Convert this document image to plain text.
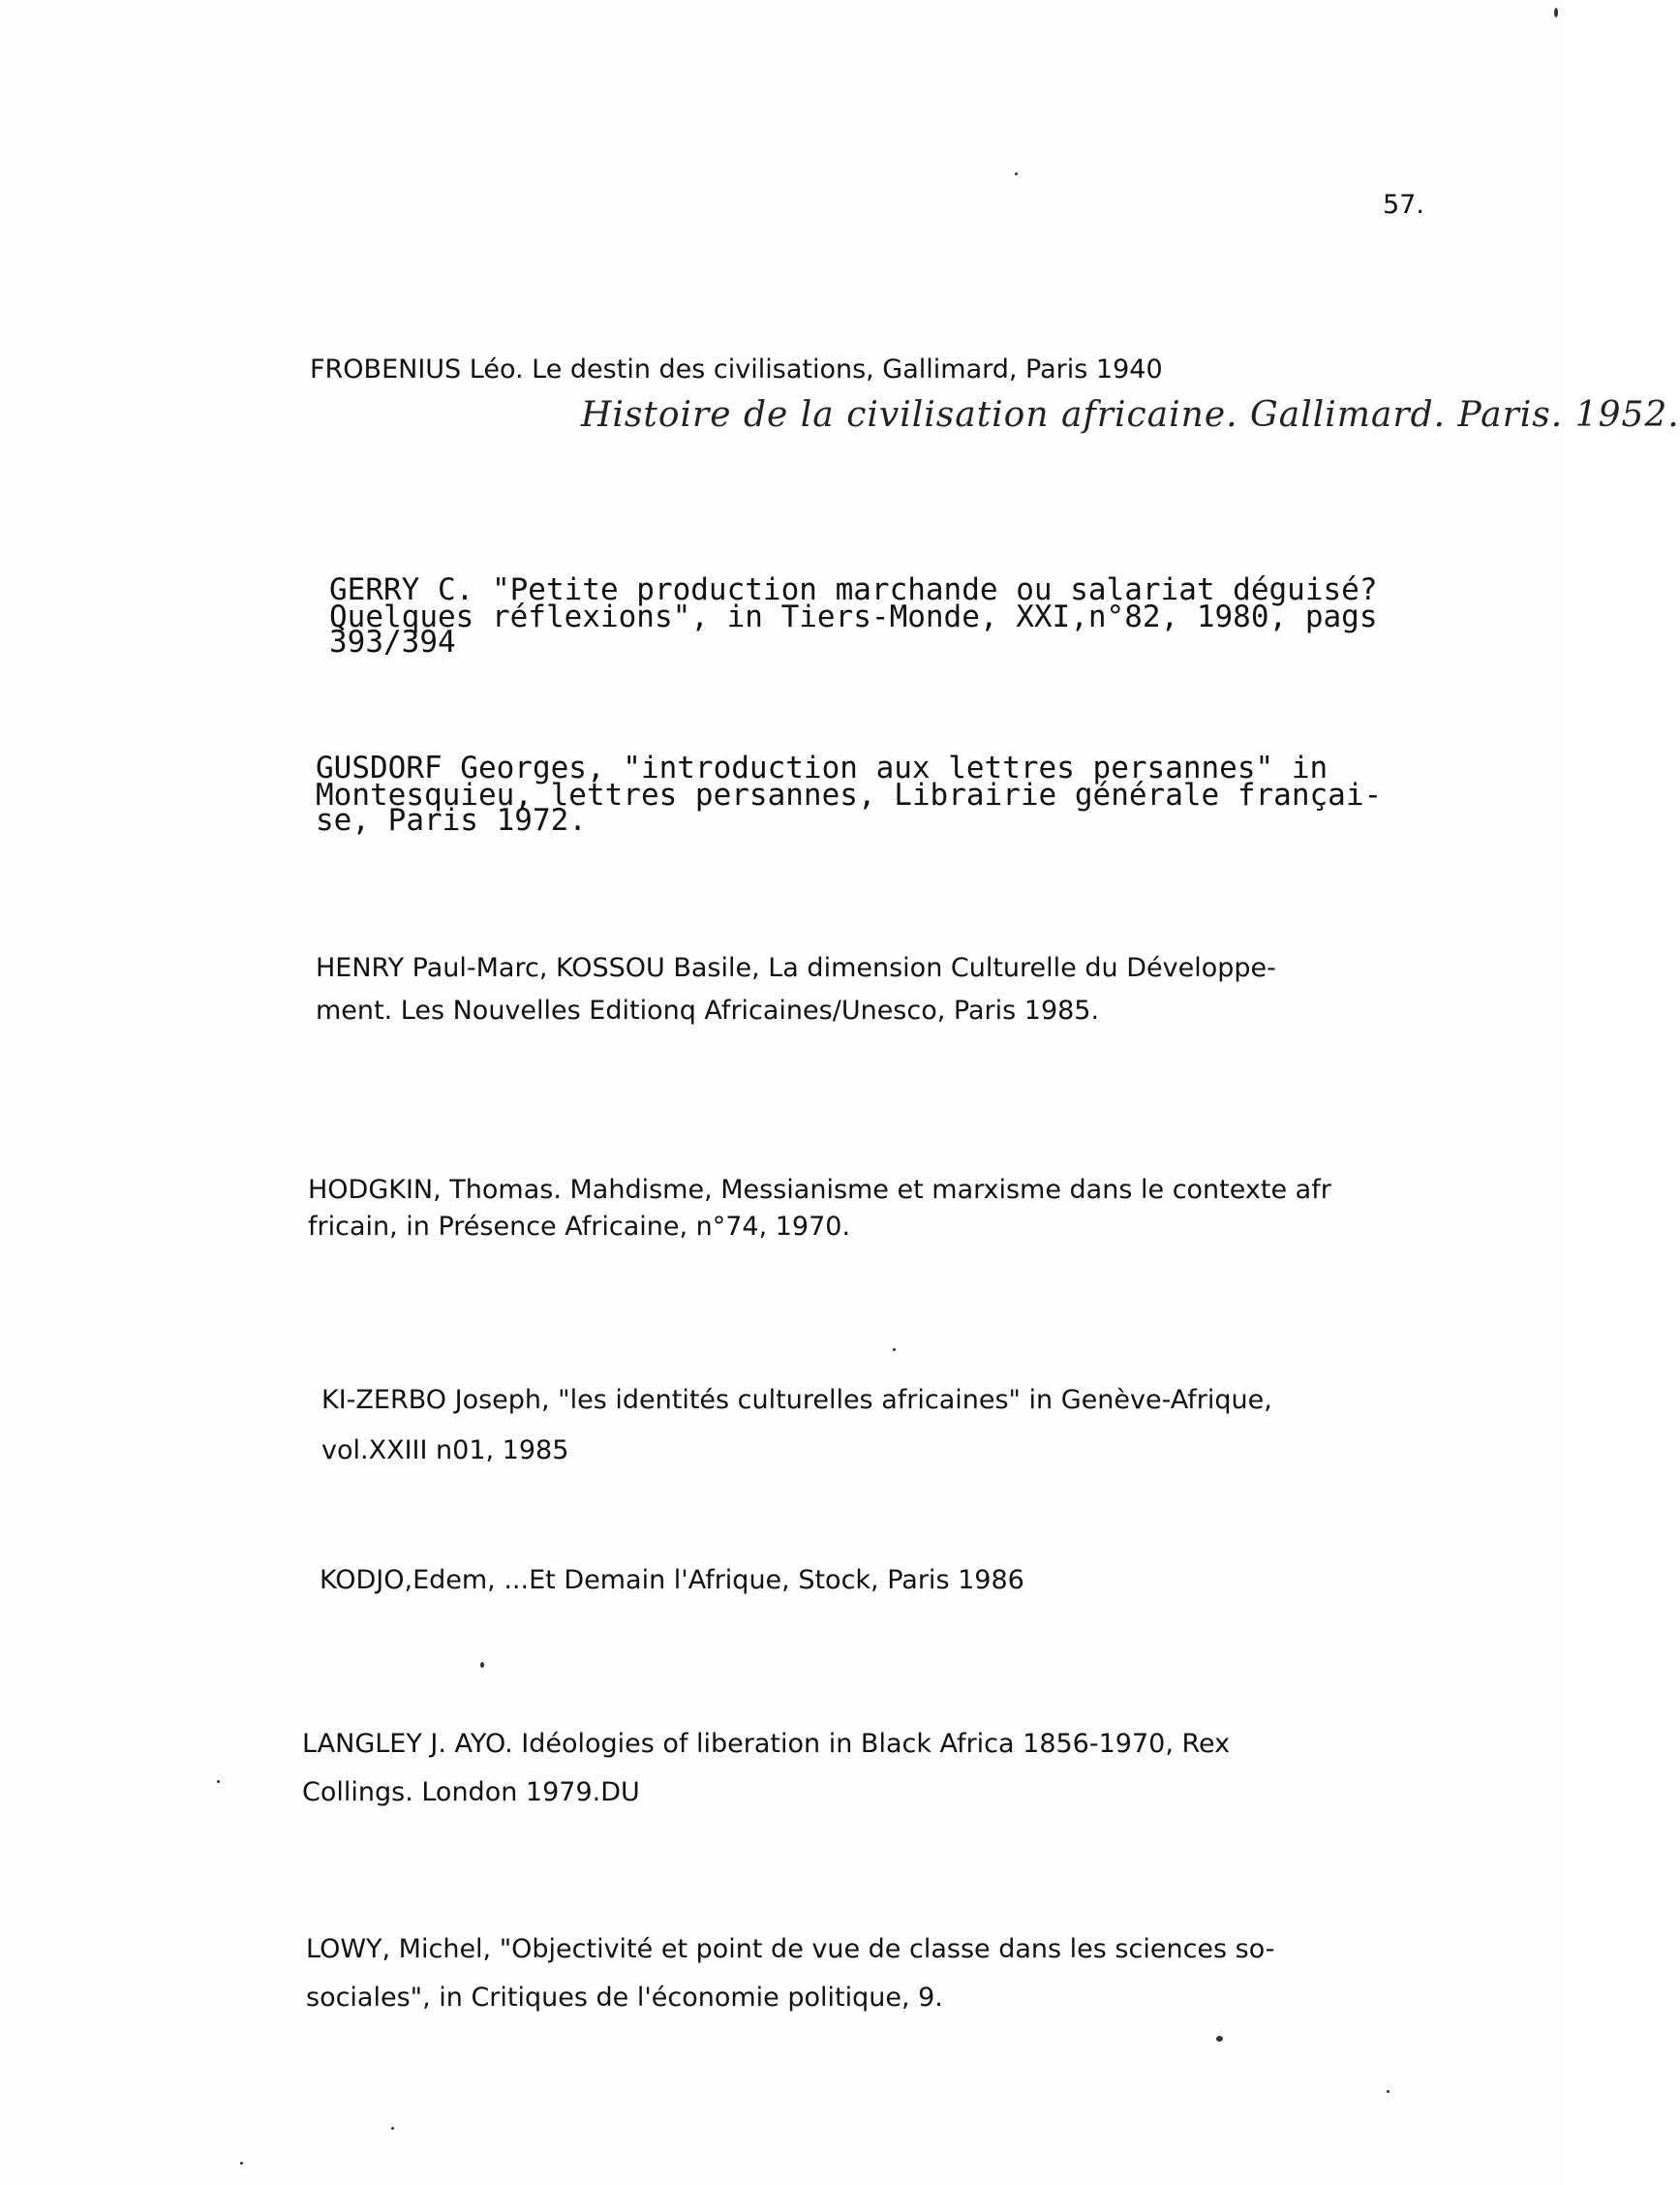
57.
FROBENIUS Léo. Le destin des civilisations, Gallimard, Paris 1940
Histoire de la civilisation africaine. Gallimard. Paris. 1952.
GERRY C. "Petite production marchande ou salariat déguisé?
Quelques réflexions", in Tiers-Monde, XXI,n°82, 1980, pags
393/394
GUSDORF Georges, "introduction aux lettres persannes" in
Montesquieu, lettres persannes, Librairie générale françai-
se, Paris 1972.
HENRY Paul-Marc, KOSSOU Basile, La dimension Culturelle du Développe-
ment. Les Nouvelles Editionq Africaines/Unesco, Paris 1985.
HODGKIN, Thomas. Mahdisme, Messianisme et marxisme dans le contexte afr
fricain, in Présence Africaine, n°74, 1970.
KI-ZERBO Joseph, "les identités culturelles africaines" in Genève-Afrique,
vol.XXIII n01, 1985
KODJO,Edem, ...Et Demain l'Afrique, Stock, Paris 1986
LANGLEY J. AYO. Idéologies of liberation in Black Africa 1856-1970, Rex
Collings. London 1979.DU
LOWY, Michel, "Objectivité et point de vue de classe dans les sciences so-
sociales", in Critiques de l'économie politique, 9.
